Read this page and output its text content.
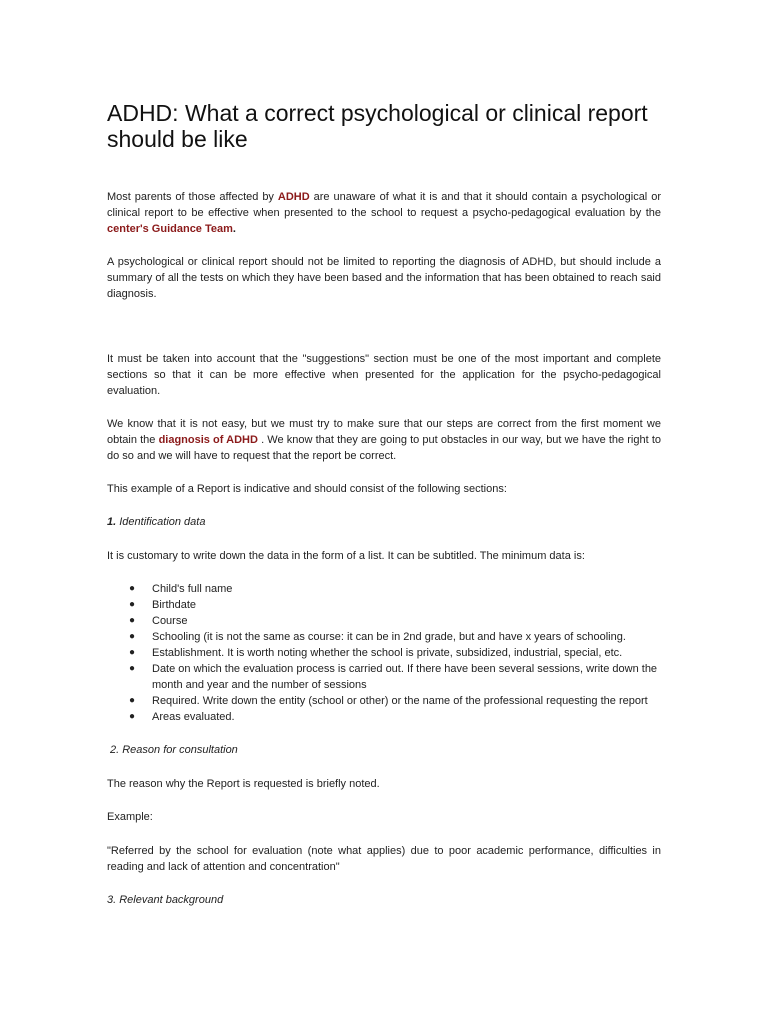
ADHD: What a correct psychological or clinical report should be like

Most parents of those affected by ADHD are unaware of what it is and that it should contain a psychological or clinical report to be effective when presented to the school to request a psycho-pedagogical evaluation by the center's Guidance Team.

A psychological or clinical report should not be limited to reporting the diagnosis of ADHD, but should include a summary of all the tests on which they have been based and the information that has been obtained to reach said diagnosis.

It must be taken into account that the "suggestions" section must be one of the most important and complete sections so that it can be more effective when presented for the application for the psycho-pedagogical evaluation.

We know that it is not easy, but we must try to make sure that our steps are correct from the first moment we obtain the diagnosis of ADHD . We know that they are going to put obstacles in our way, but we have the right to do so and we will have to request that the report be correct.

This example of a Report is indicative and should consist of the following sections:

1. Identification data

It is customary to write down the data in the form of a list. It can be subtitled. The minimum data is:

● Child's full name
● Birthdate
● Course
● Schooling (it is not the same as course: it can be in 2nd grade, but and have x years of schooling.
● Establishment. It is worth noting whether the school is private, subsidized, industrial, special, etc.
● Date on which the evaluation process is carried out. If there have been several sessions, write down the month and year and the number of sessions
● Required. Write down the entity (school or other) or the name of the professional requesting the report
● Areas evaluated.

2. Reason for consultation

The reason why the Report is requested is briefly noted.

Example:

"Referred by the school for evaluation (note what applies) due to poor academic performance, difficulties in reading and lack of attention and concentration"

3. Relevant background
